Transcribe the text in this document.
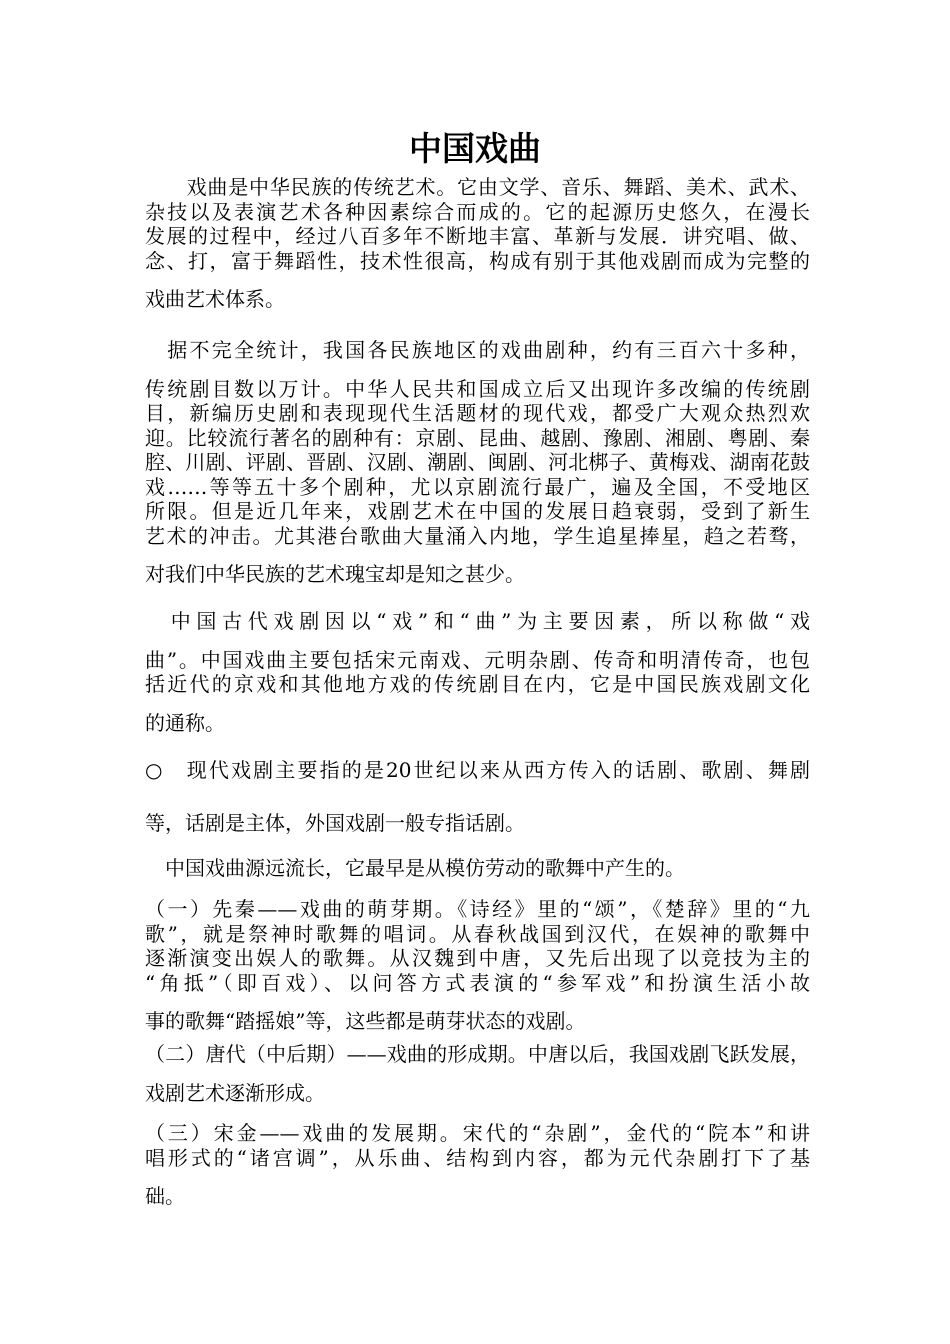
中国戏曲
　　戏曲是中华民族的传统艺术。它由文学、音乐、舞蹈、美术、武术、
杂技以及表演艺术各种因素综合而成的。它的起源历史悠久，在漫长
发展的过程中，经过八百多年不断地丰富、革新与发展．讲究唱、做、
念、打，富于舞蹈性，技术性很高，构成有别于其他戏剧而成为完整的
戏曲艺术体系。
　据不完全统计，我国各民族地区的戏曲剧种，约有三百六十多种，
传统剧目数以万计。中华人民共和国成立后又出现许多改编的传统剧
目，新编历史剧和表现现代生活题材的现代戏，都受广大观众热烈欢
迎。比较流行著名的剧种有：京剧、昆曲、越剧、豫剧、湘剧、粤剧、秦
腔、川剧、评剧、晋剧、汉剧、潮剧、闽剧、河北梆子、黄梅戏、湖南花鼓
戏……等等五十多个剧种，尤以京剧流行最广，遍及全国，不受地区
所限。但是近几年来，戏剧艺术在中国的发展日趋衰弱，受到了新生
艺术的冲击。尤其港台歌曲大量涌入内地，学生追星捧星，趋之若骛，
对我们中华民族的艺术瑰宝却是知之甚少。
　中国古代戏剧因以“戏”和“曲”为主要因素，所以称做“戏
曲”。中国戏曲主要包括宋元南戏、元明杂剧、传奇和明清传奇，也包
括近代的京戏和其他地方戏的传统剧目在内，它是中国民族戏剧文化
的通称。
○　现代戏剧主要指的是20世纪以来从西方传入的话剧、歌剧、舞剧
等，话剧是主体，外国戏剧一般专指话剧。
　中国戏曲源远流长，它最早是从模仿劳动的歌舞中产生的。
（一）先秦——戏曲的萌芽期。《诗经》里的“颂”，《楚辞》里的“九
歌”，就是祭神时歌舞的唱词。从春秋战国到汉代，在娱神的歌舞中
逐渐演变出娱人的歌舞。从汉魏到中唐，又先后出现了以竞技为主的
“角抵”（即百戏）、以问答方式表演的“参军戏”和扮演生活小故
事的歌舞“踏摇娘”等，这些都是萌芽状态的戏剧。
（二）唐代（中后期）——戏曲的形成期。中唐以后，我国戏剧飞跃发展，
戏剧艺术逐渐形成。
（三）宋金——戏曲的发展期。宋代的“杂剧”，金代的“院本”和讲
唱形式的“诸宫调”，从乐曲、结构到内容，都为元代杂剧打下了基
础。
